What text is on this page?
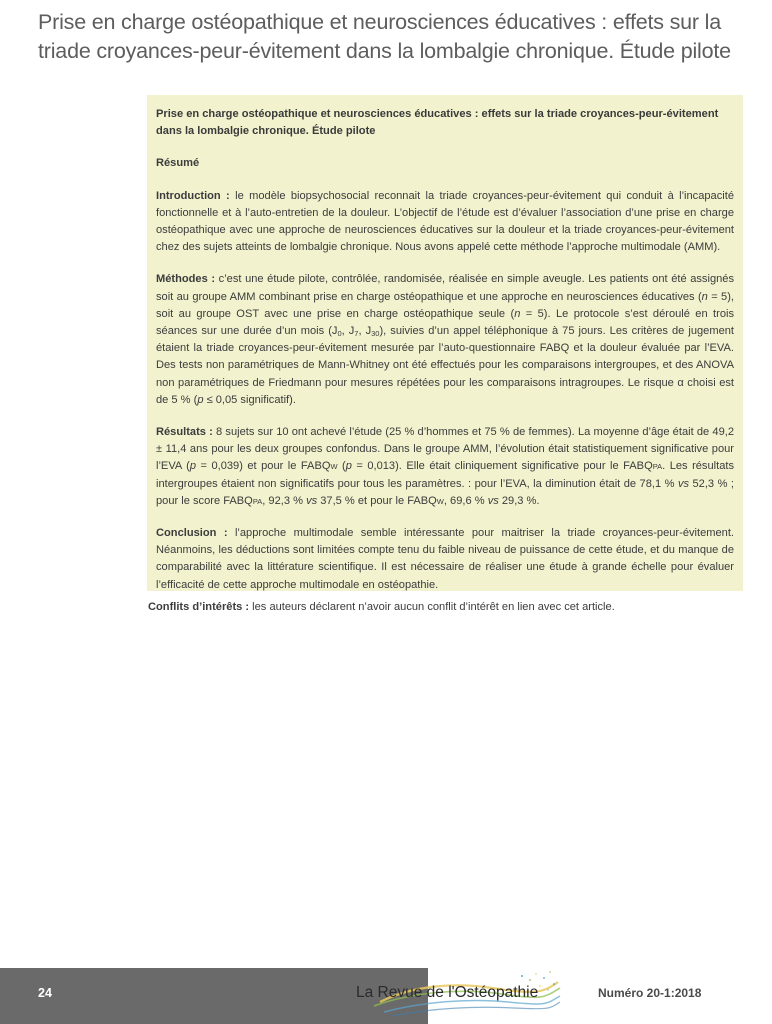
Prise en charge ostéopathique et neurosciences éducatives : effets sur la triade croyances-peur-évitement dans la lombalgie chronique. Étude pilote

Prise en charge ostéopathique et neurosciences éducatives : effets sur la triade croyances-peur-évitement dans la lombalgie chronique. Étude pilote

Résumé

Introduction : le modèle biopsychosocial reconnait la triade croyances-peur-évitement qui conduit à l’incapacité fonctionnelle et à l’auto-entretien de la douleur. L’objectif de l’étude est d’évaluer l’association d’une prise en charge ostéopathique avec une approche de neurosciences éducatives sur la douleur et la triade croyances-peur-évitement chez des sujets atteints de lombalgie chronique. Nous avons appelé cette méthode l’approche multimodale (AMM).

Méthodes : c’est une étude pilote, contrôlée, randomisée, réalisée en simple aveugle. Les patients ont été assignés soit au groupe AMM combinant prise en charge ostéopathique et une approche en neurosciences éducatives (n = 5), soit au groupe OST avec une prise en charge ostéopathique seule (n = 5). Le protocole s’est déroulé en trois séances sur une durée d’un mois ($J_0$, $J_7$, $J_{30}$), suivies d’un appel téléphonique à 75 jours. Les critères de jugement étaient la triade croyances-peur-évitement mesurée par l’auto-questionnaire FABQ et la douleur évaluée par l’EVA. Des tests non paramétriques de Mann-Whitney ont été effectués pour les comparaisons intergroupes, et des ANOVA non paramétriques de Friedmann pour mesures répétées pour les comparaisons intragroupes. Le risque α choisi est de 5 % (p ≤ 0,05 significatif).

Résultats : 8 sujets sur 10 ont achevé l’étude (25 % d’hommes et 75 % de femmes). La moyenne d’âge était de 49,2 ± 11,4 ans pour les deux groupes confondus. Dans le groupe AMM, l’évolution était statistiquement significative pour l’EVA (p = 0,039) et pour le FABQW (p = 0,013). Elle était cliniquement significative pour le FABQPA. Les résultats intergroupes étaient non significatifs pour tous les paramètres. : pour l’EVA, la diminution était de 78,1 % vs 52,3 % ; pour le score FABQPA, 92,3 % vs 37,5 % et pour le FABQW, 69,6 % vs 29,3 %.

Conclusion : l’approche multimodale semble intéressante pour maitriser la triade croyances-peur-évitement. Néanmoins, les déductions sont limitées compte tenu du faible niveau de puissance de cette étude, et du manque de comparabilité avec la littérature scientifique. Il est nécessaire de réaliser une étude à grande échelle pour évaluer l’efficacité de cette approche multimodale en ostéopathie.

Conflits d’intérêts : les auteurs déclarent n’avoir aucun conflit d’intérêt en lien avec cet article.
24	La Revue de l'Ostéopathie	Numéro 20-1:2018
